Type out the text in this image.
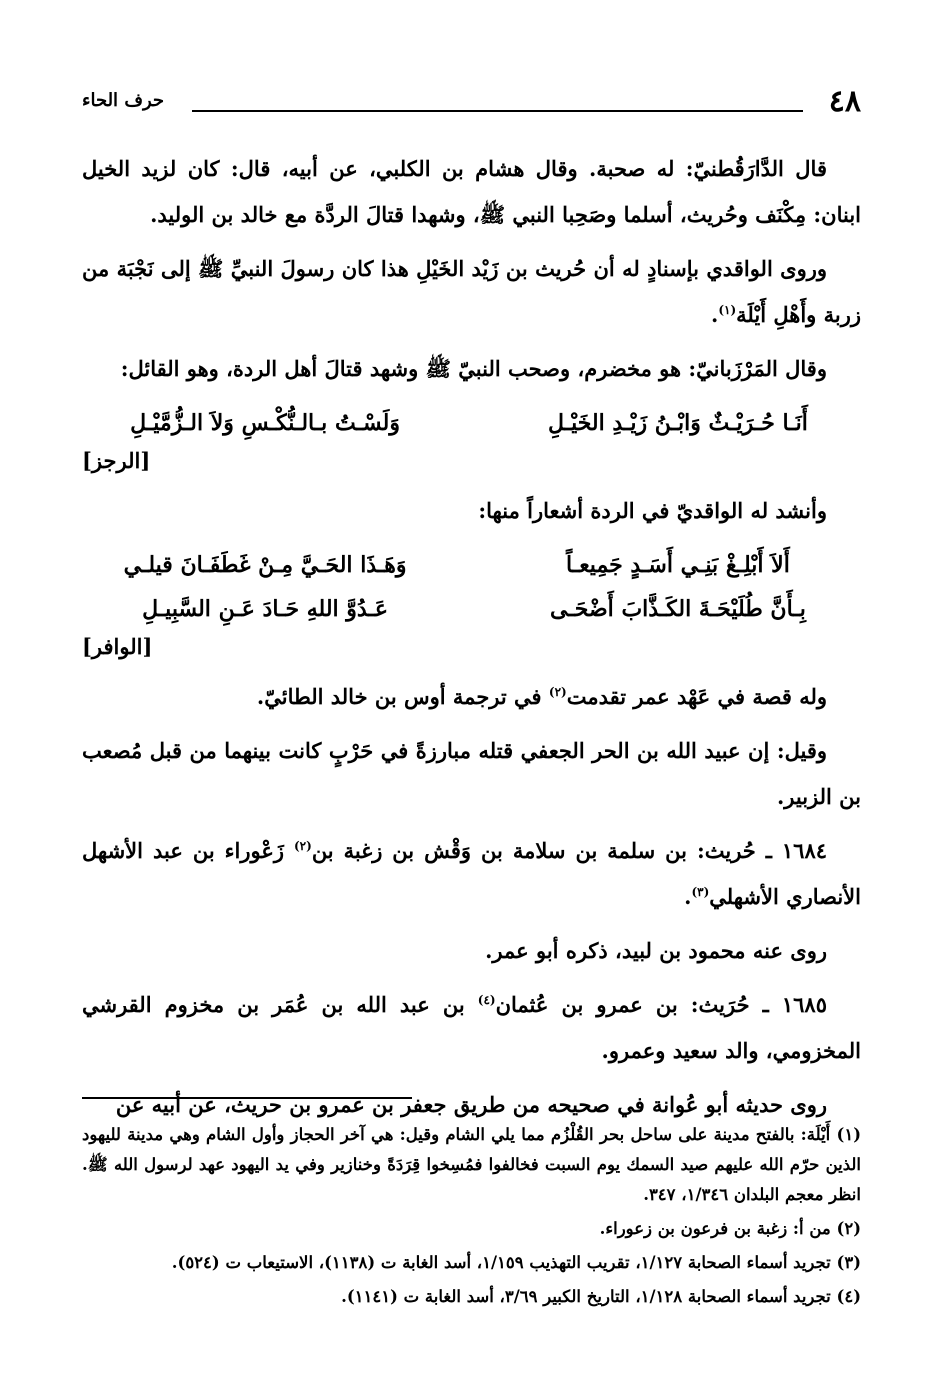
٤٨
حرف الحاء

قال الدَّارَقُطنيّ: له صحبة. وقال هشام بن الكلبي، عن أبيه، قال: كان لزيد الخيل ابنان: مِكْنَف وحُريث، أسلما وصَحِبا النبي ﷺ، وشهدا قتالَ الردَّة مع خالد بن الوليد.

وروى الواقدي بإسنادٍ له أن حُريث بن زَيْد الخَيْلِ هذا كان رسولَ النبيِّ ﷺ إلى نَجْبَة من زربة وأَهْلِ أَيْلَة$^{(١)}$.

وقال المَرْزَبانيّ: هو مخضرم، وصحب النبيّ ﷺ وشهد قتالَ أهل الردة، وهو القائل:

أَنَـا حُـرَيْـثٌ وَابْـنُ زَيْـدِ الخَيْـلِ
وَلَسْـتُ بـالـنُّكْـسِ وَلاَ الـزُّمَّيْـلِ
[الرجز]

وأنشد له الواقديّ في الردة أشعاراً منها:

أَلاَ أَبْلِـغْ بَنِـي أَسَـدٍ جَمِيعـاً
وَهَـذَا الحَـيَّ مِـنْ غَطَفَـانَ قيلـي
بِـأَنَّ طُلَيْحَـةَ الكَـذَّابَ أَضْحَـى
عَـدُوَّ اللهِ حَـادَ عَـنِ السَّبِيـلِ
[الوافر]

وله قصة في عَهْد عمر تقدمت$^{(٢)}$ في ترجمة أوس بن خالد الطائيّ.

وقيل: إن عبيد الله بن الحر الجعفي قتله مبارزةً في حَرْبٍ كانت بينهما من قبل مُصعب بن الزبير.

١٦٨٤ ـ حُريث: بن سلمة بن سلامة بن وَقْش بن زغبة بن$^{(٢)}$ زَعْوراء بن عبد الأشهل الأنصاري الأشهلي$^{(٣)}$.

روى عنه محمود بن لبيد، ذكره أبو عمر.

١٦٨٥ ـ حُرَيث: بن عمرو بن عُثمان$^{(٤)}$ بن عبد الله بن عُمَر بن مخزوم القرشي المخزومي، والد سعيد وعمرو.

روى حديثه أبو عُوانة في صحيحه من طريق جعفر بن عمرو بن حريث، عن أبيه عن

(١) أَيْلَة: بالفتح مدينة على ساحل بحر القُلْزُم مما يلي الشام وقيل: هي آخر الحجاز وأول الشام وهي مدينة لليهود الذين حرّم الله عليهم صيد السمك يوم السبت فخالفوا فمُسِخوا قِرَدَةً وخنازير وفي يد اليهود عهد لرسول الله ﷺ. انظر معجم البلدان ١/٣٤٦، ٣٤٧.

(٢) من أ: زغبة بن فرعون بن زعوراء.

(٣) تجريد أسماء الصحابة ١/١٢٧، تقريب التهذيب ١/١٥٩، أسد الغابة ت (١١٣٨)، الاستيعاب ت (٥٢٤).

(٤) تجريد أسماء الصحابة ١/١٢٨، التاريخ الكبير ٣/٦٩، أسد الغابة ت (١١٤١).
